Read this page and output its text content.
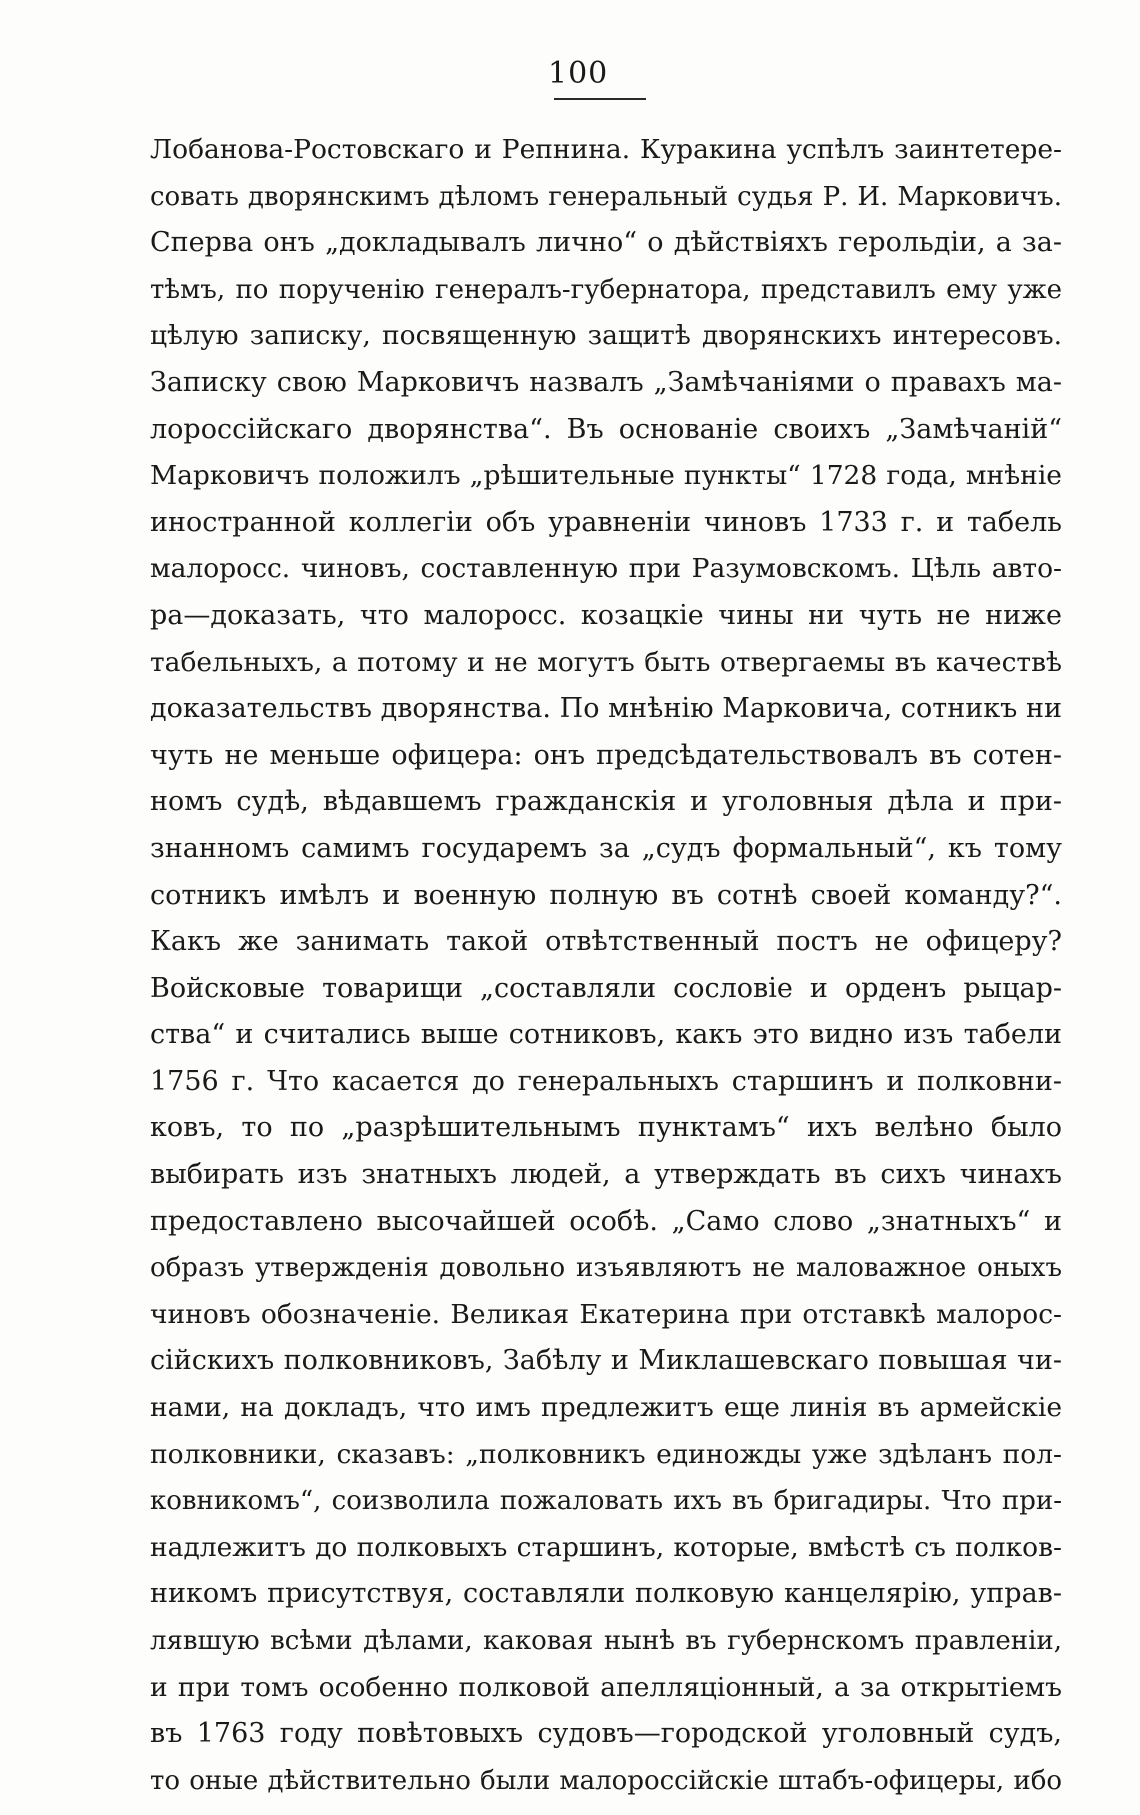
100
Лобанова-Ростовскаго и Репнина. Куракина успѣлъ заинтетере-
совать дворянскимъ дѣломъ генеральный судья Р. И. Марковичъ.
Сперва онъ „докладывалъ лично“ о дѣйствіяхъ герольдіи, а за-
тѣмъ, по порученію генералъ-губернатора, представилъ ему уже
цѣлую записку, посвященную защитѣ дворянскихъ интересовъ.
Записку свою Марковичъ назвалъ „Замѣчаніями о правахъ ма-
лороссійскаго дворянства“. Въ основаніе своихъ „Замѣчаній“
Марковичъ положилъ „рѣшительные пункты“ 1728 года, мнѣніе
иностранной коллегіи объ уравненіи чиновъ 1733 г. и табель
малоросс. чиновъ, составленную при Разумовскомъ. Цѣль авто-
ра—доказать, что малоросс. козацкіе чины ни чуть не ниже
табельныхъ, а потому и не могутъ быть отвергаемы въ качествѣ
доказательствъ дворянства. По мнѣнію Марковича, сотникъ ни
чуть не меньше офицера: онъ предсѣдательствовалъ въ сотен-
номъ судѣ, вѣдавшемъ гражданскія и уголовныя дѣла и при-
знанномъ самимъ государемъ за „судъ формальный“, къ тому
сотникъ имѣлъ и военную полную въ сотнѣ своей команду?“.
Какъ же занимать такой отвѣтственный постъ не офицеру?
Войсковые товарищи „составляли сословіе и орденъ рыцар-
ства“ и считались выше сотниковъ, какъ это видно изъ табели
1756 г. Что касается до генеральныхъ старшинъ и полковни-
ковъ, то по „разрѣшительнымъ пунктамъ“ ихъ велѣно было
выбирать изъ знатныхъ людей, а утверждать въ сихъ чинахъ
предоставлено высочайшей особѣ. „Само слово „знатныхъ“ и
образъ утвержденія довольно изъявляютъ не маловажное оныхъ
чиновъ обозначеніе. Великая Екатерина при отставкѣ малорос-
сійскихъ полковниковъ, Забѣлу и Миклашевскаго повышая чи-
нами, на докладъ, что имъ предлежитъ еще линія въ армейскіе
полковники, сказавъ: „полковникъ единожды уже здѣланъ пол-
ковникомъ“, соизволила пожаловать ихъ въ бригадиры. Что при-
надлежитъ до полковыхъ старшинъ, которые, вмѣстѣ съ полков-
никомъ присутствуя, составляли полковую канцелярію, управ-
лявшую всѣми дѣлами, каковая нынѣ въ губернскомъ правленіи,
и при томъ особенно полковой апелляціонный, а за открытіемъ
въ 1763 году повѣтовыхъ судовъ—городской уголовный судъ,
то оные дѣйствительно были малороссійскіе штабъ-офицеры, ибо
